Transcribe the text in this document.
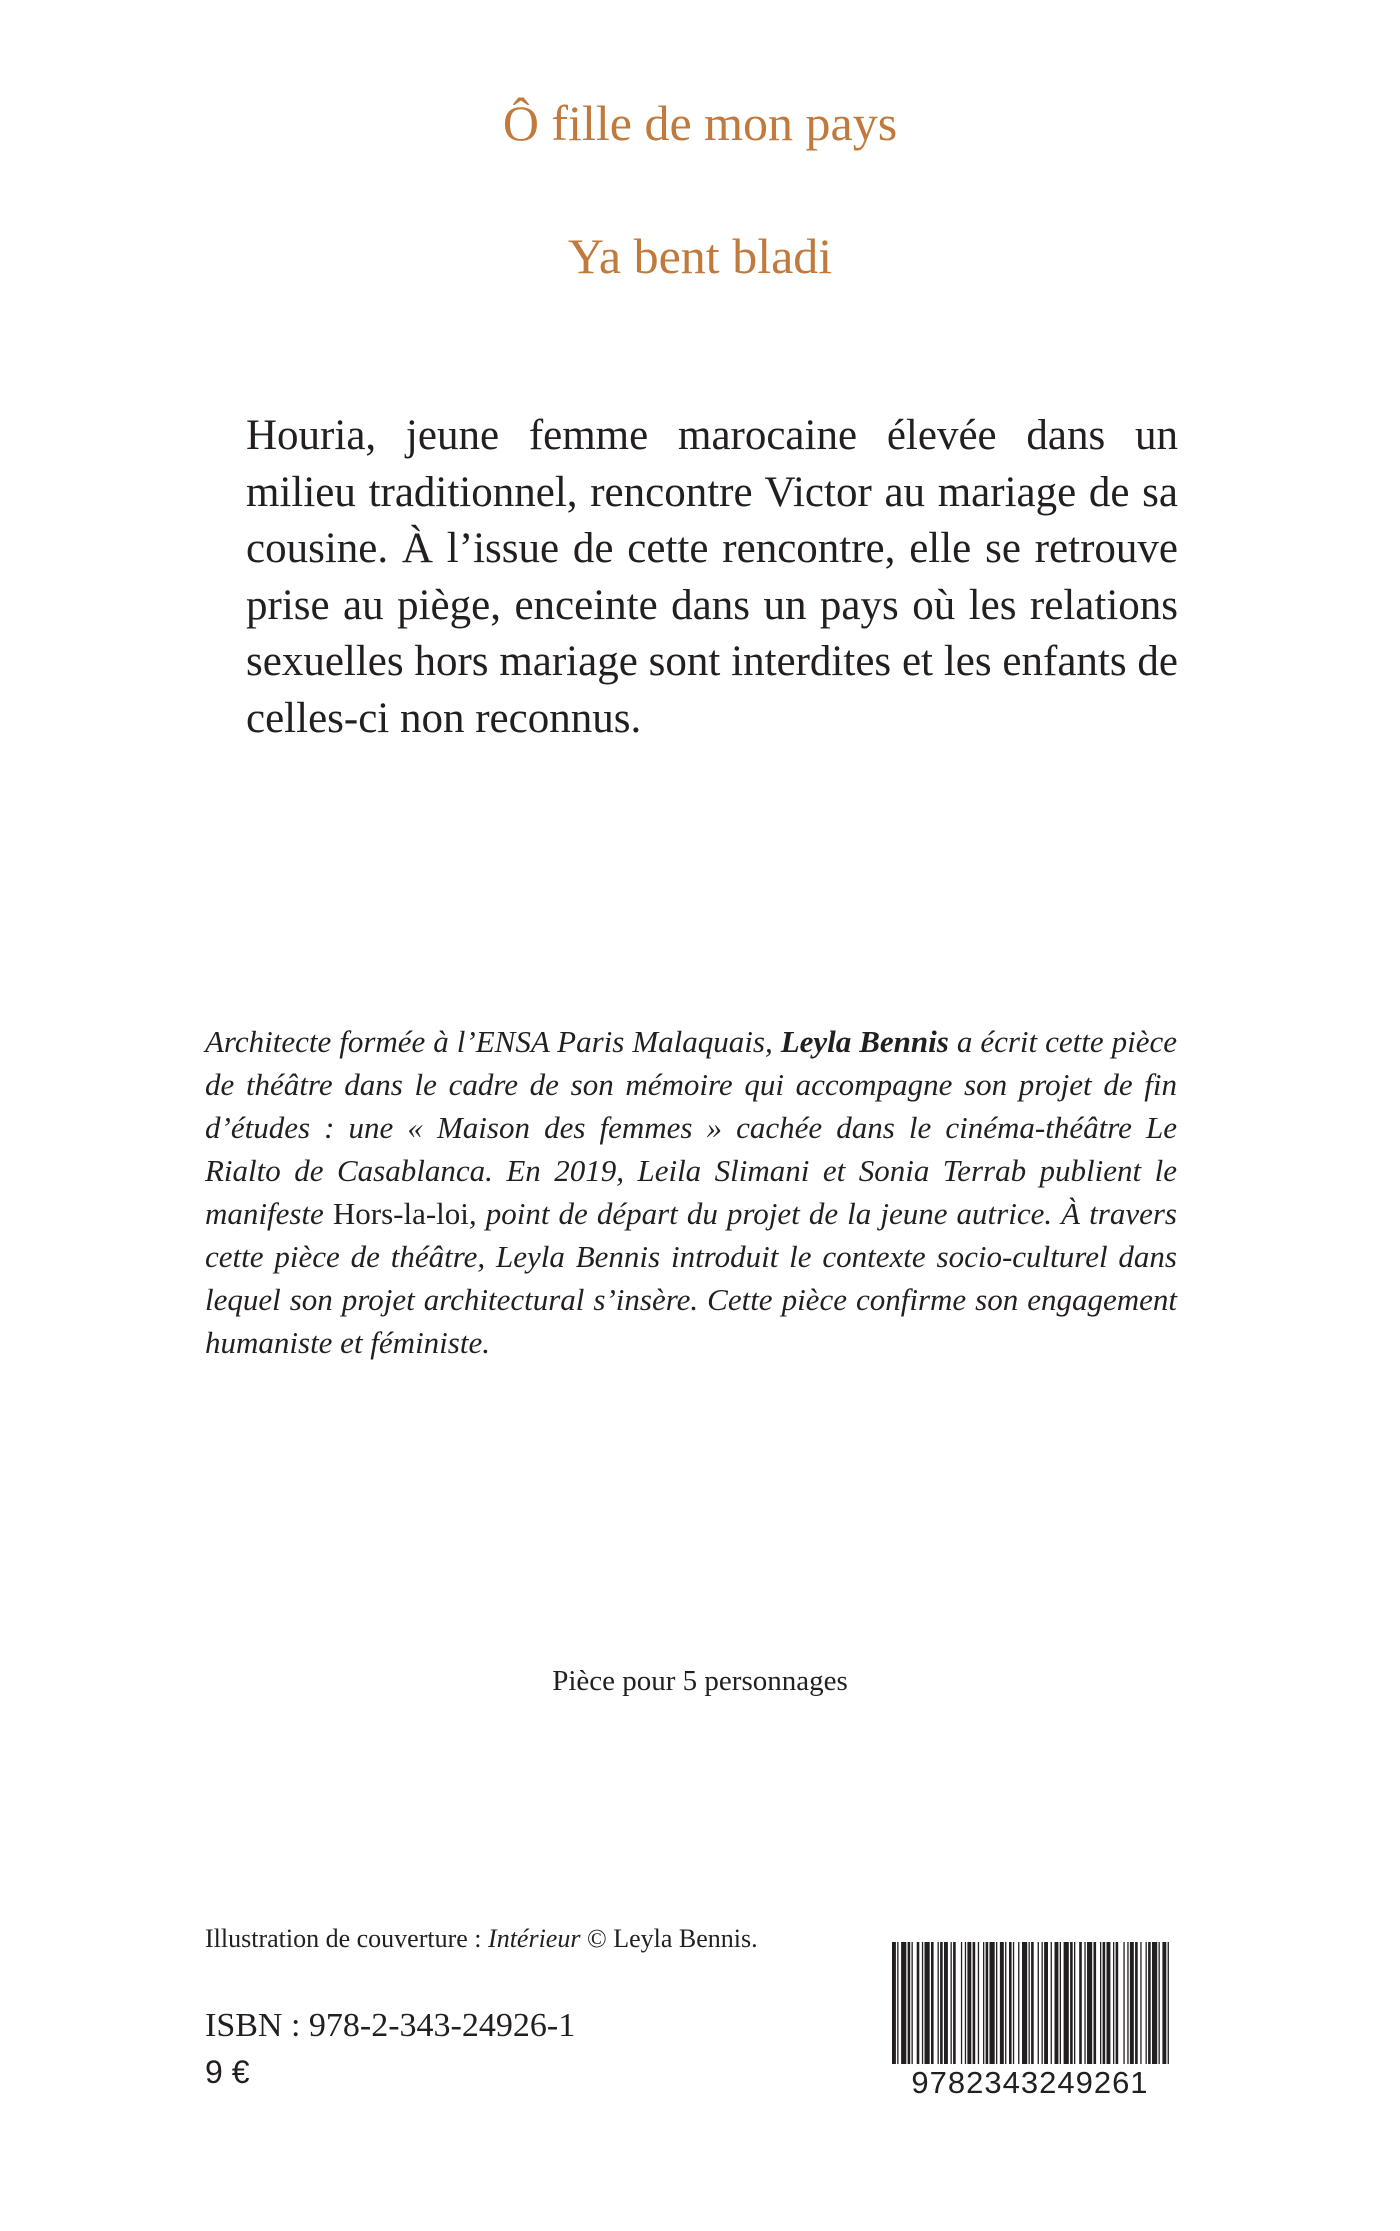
Ô fille de mon pays
Ya bent bladi

Houria, jeune femme marocaine élevée dans un milieu traditionnel, rencontre Victor au mariage de sa cousine. À l’issue de cette rencontre, elle se retrouve prise au piège, enceinte dans un pays où les relations sexuelles hors mariage sont interdites et les enfants de celles-ci non reconnus.

Architecte formée à l’ENSA Paris Malaquais, Leyla Bennis a écrit cette pièce de théâtre dans le cadre de son mémoire qui accompagne son projet de fin d’études : une « Maison des femmes » cachée dans le cinéma-théâtre Le Rialto de Casablanca. En 2019, Leila Slimani et Sonia Terrab publient le manifeste Hors-la-loi, point de départ du projet de la jeune autrice. À travers cette pièce de théâtre, Leyla Bennis introduit le contexte socio-culturel dans lequel son projet architectural s’insère. Cette pièce confirme son engagement humaniste et féministe.

Pièce pour 5 personnages
Illustration de couverture : Intérieur © Leyla Bennis.
ISBN : 978-2-343-24926-1
9 €	9782343249261
